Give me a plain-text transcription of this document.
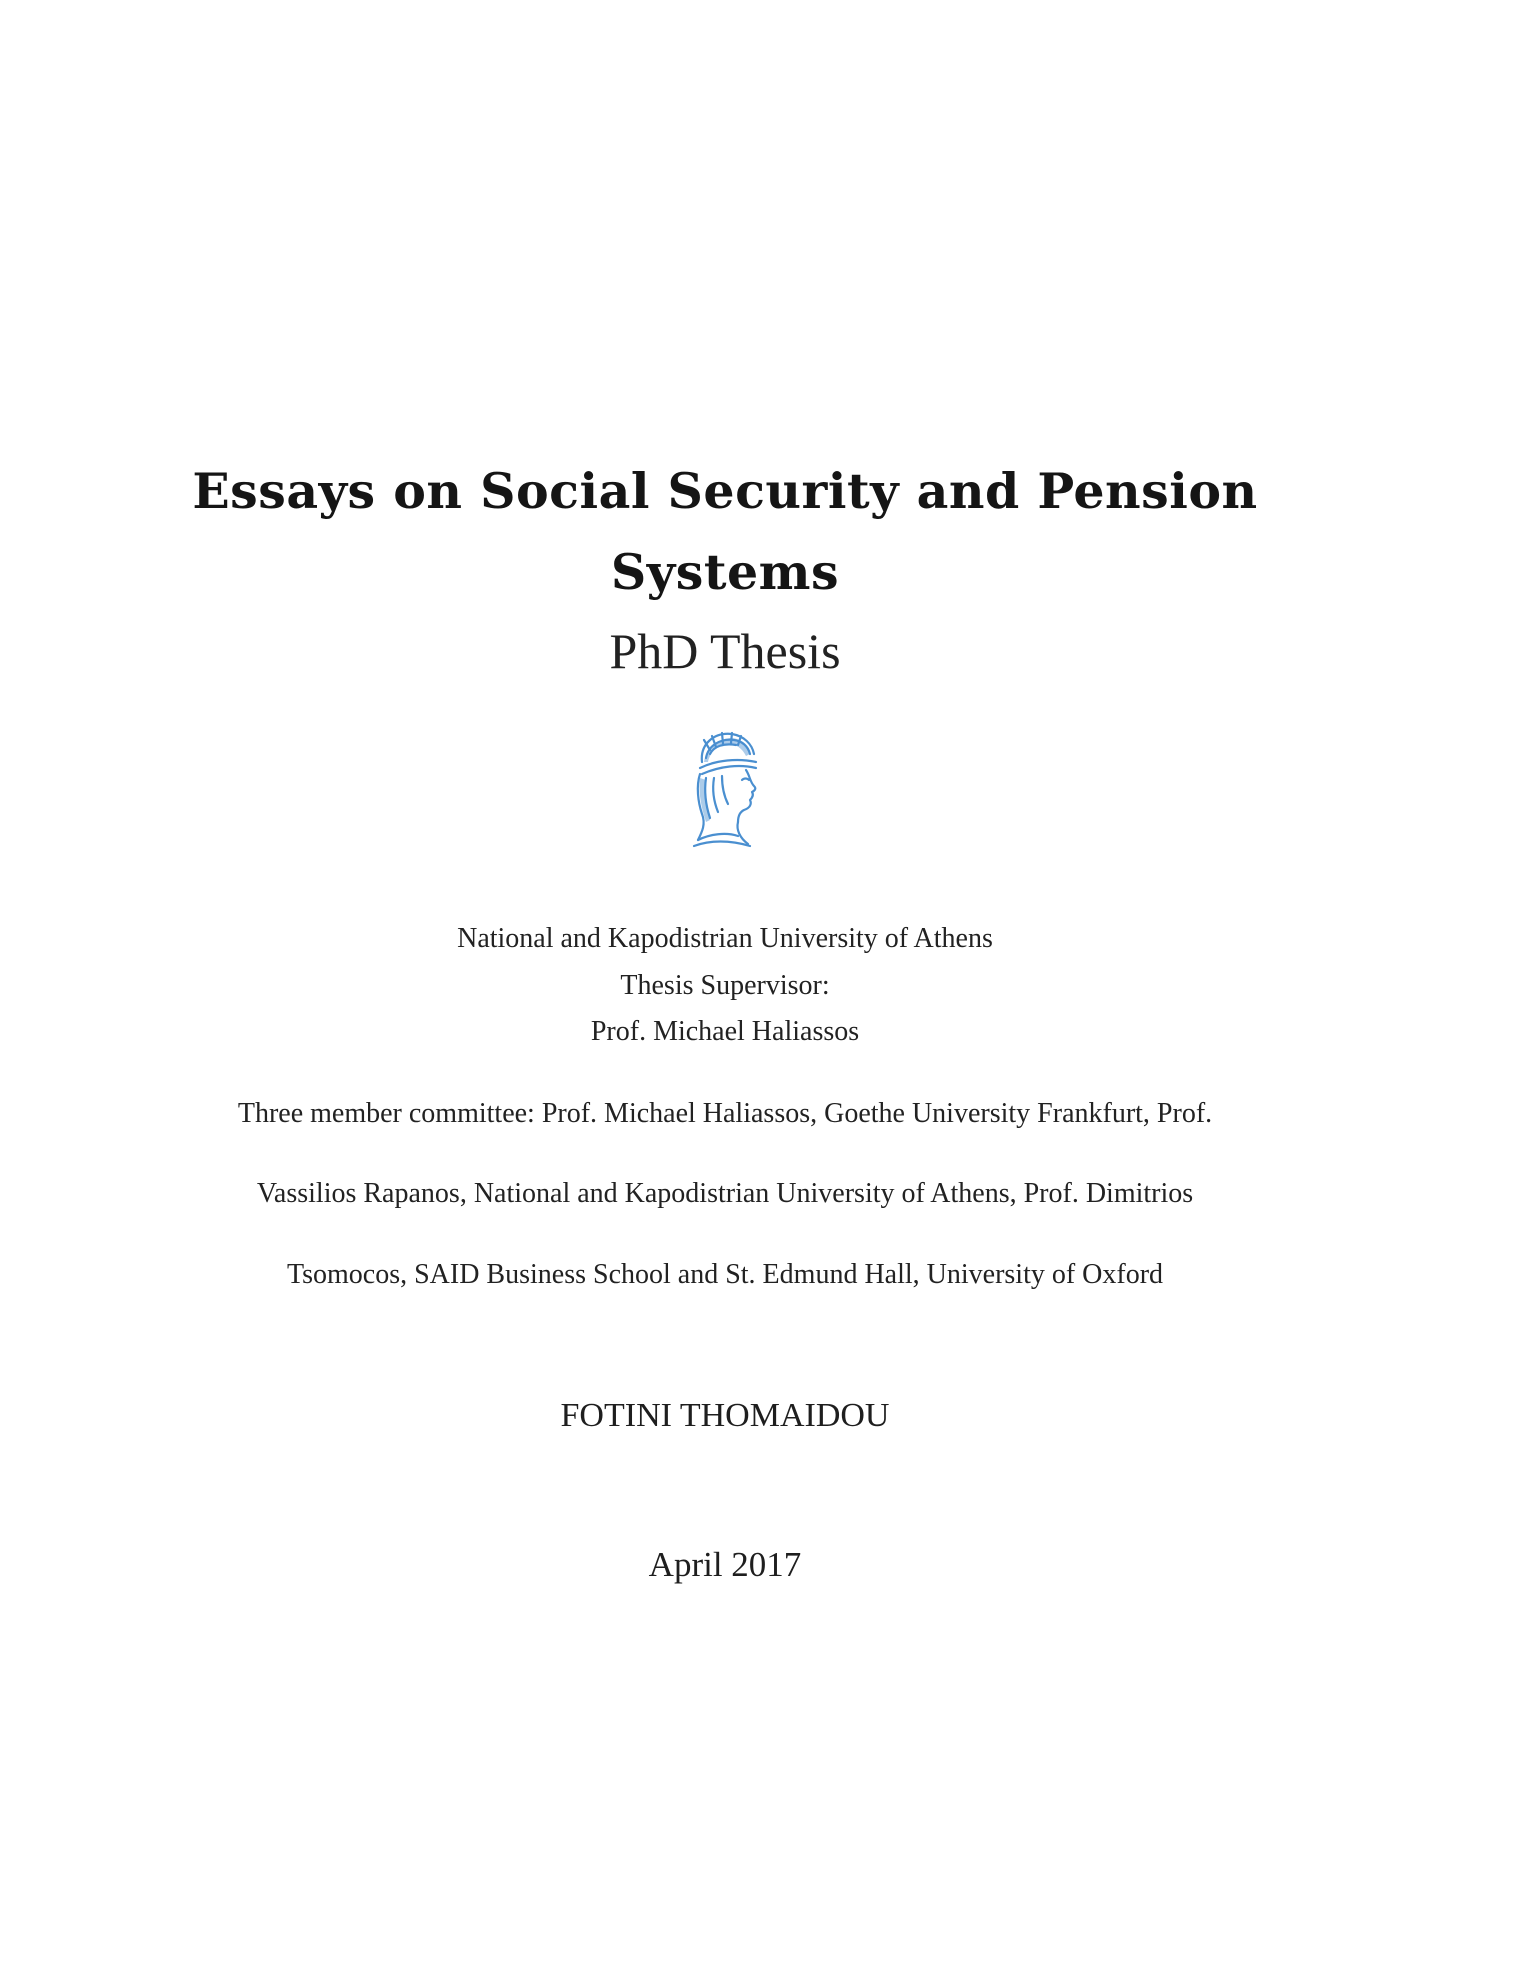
Essays on Social Security and Pension
Systems
PhD Thesis
National and Kapodistrian University of Athens
Thesis Supervisor:
Prof. Michael Haliassos
Three member committee: Prof. Michael Haliassos, Goethe University Frankfurt, Prof.
Vassilios Rapanos, National and Kapodistrian University of Athens, Prof. Dimitrios
Tsomocos, SAID Business School and St. Edmund Hall, University of Oxford
FOTINI THOMAIDOU
April 2017
